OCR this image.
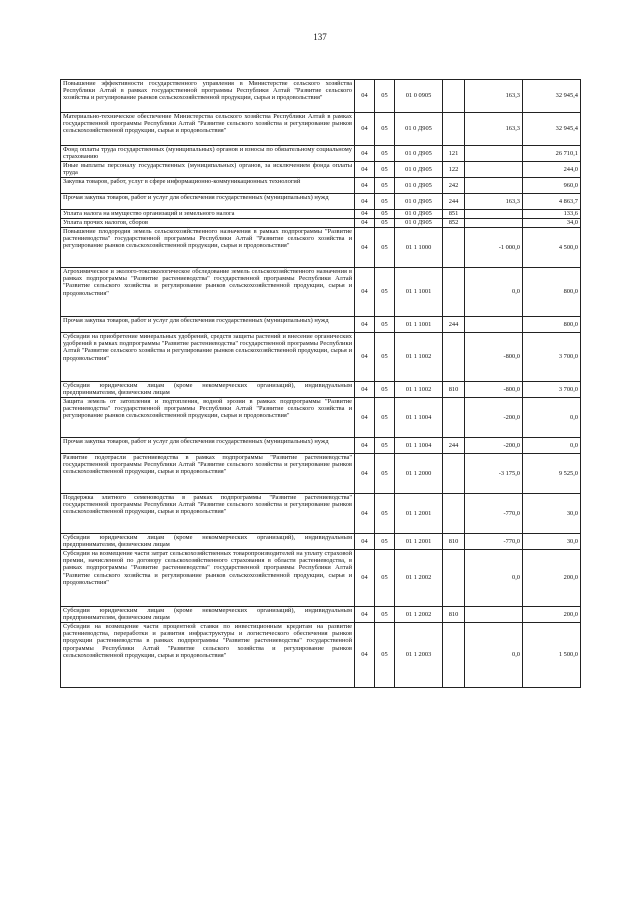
137
Повышение эффективности государственного управления в Министерстве сельского хозяйства Республики Алтай в рамках государственной программы Республики Алтай "Развитие сельского хозяйства и регулирование рынков сельскохозяйственной продукции, сырья и продовольствия"	04	05	01 0 0905		163,3	32 945,4
Материально-техническое обеспечение Министерства сельского хозяйства Республики Алтай в рамках государственной программы Республики Алтай "Развитие сельского хозяйства и регулирование рынков сельскохозяйственной продукции, сырья и продовольствия"	04	05	01 0 Д905		163,3	32 945,4
Фонд оплаты труда государственных (муниципальных) органов и взносы по обязательному социальному страхованию	04	05	01 0 Д905	121		26 710,1
Иные выплаты персоналу государственных (муниципальных) органов, за исключением фонда оплаты труда	04	05	01 0 Д905	122		244,0
Закупка товаров, работ, услуг в сфере информационно-коммуникационных технологий	04	05	01 0 Д905	242		960,0
Прочая закупка товаров, работ и услуг для обеспечения государственных (муниципальных) нужд	04	05	01 0 Д905	244	163,3	4 863,7
Уплата налога на имущество организаций и земельного налога	04	05	01 0 Д905	851		133,6
Уплата прочих налогов, сборов	04	05	01 0 Д905	852		34,0
Повышение плодородия земель сельскохозяйственного назначения в рамках подпрограммы "Развитие растениеводства" государственной программы Республики Алтай "Развитие сельского хозяйства и регулирование рынков сельскохозяйственной продукции, сырья и продовольствия"	04	05	01 1 1000		-1 000,0	4 500,0
Агрохимическое и эколого-токсикологическое обследование земель сельскохозяйственного назначения в рамках подпрограммы "Развитие растениеводства" государственной программы Республики Алтай "Развитие сельского хозяйства и регулирование рынков сельскохозяйственной продукции, сырья и продовольствия"	04	05	01 1 1001		0,0	800,0
Прочая закупка товаров, работ и услуг для обеспечения государственных (муниципальных) нужд	04	05	01 1 1001	244		800,0
Субсидии на приобретение минеральных удобрений, средств защиты растений и внесение органических удобрений в рамках подпрограммы "Развитие растениеводства" государственной программы Республики Алтай "Развитие сельского хозяйства и регулирование рынков сельскохозяйственной продукции, сырья и продовольствия"	04	05	01 1 1002		-800,0	3 700,0
Субсидии юридическим лицам (кроме некоммерческих организаций), индивидуальным предпринимателям, физическим лицам	04	05	01 1 1002	810	-800,0	3 700,0
Защита земель от затопления и подтопления, водной эрозии в рамках подпрограммы "Развитие растениеводства" государственной программы Республики Алтай "Развитие сельского хозяйства и регулирование рынков сельскохозяйственной продукции, сырья и продовольствия"	04	05	01 1 1004		-200,0	0,0
Прочая закупка товаров, работ и услуг для обеспечения государственных (муниципальных) нужд	04	05	01 1 1004	244	-200,0	0,0
Развитие подотрасли растениеводства в рамках подпрограммы "Развитие растениеводства" государственной программы Республики Алтай "Развитие сельского хозяйства и регулирование рынков сельскохозяйственной продукции, сырья и продовольствия"	04	05	01 1 2000		-3 175,0	9 525,0
Поддержка элитного семеноводства в рамках подпрограммы "Развитие растениеводства" государственной программы Республики Алтай "Развитие сельского хозяйства и регулирование рынков сельскохозяйственной продукции, сырья и продовольствия"	04	05	01 1 2001		-770,0	30,0
Субсидии юридическим лицам (кроме некоммерческих организаций), индивидуальным предпринимателям, физическим лицам	04	05	01 1 2001	810	-770,0	30,0
Субсидии на возмещение части затрат сельскохозяйственных товаропроизводителей на уплату страховой премии, начисленной по договору сельскохозяйственного страхования в области растениеводства, в рамках подпрограммы "Развитие растениеводства" государственной программы Республики Алтай "Развитие сельского хозяйства и регулирование рынков сельскохозяйственной продукции, сырья и продовольствия"	04	05	01 1 2002		0,0	200,0
Субсидии юридическим лицам (кроме некоммерческих организаций), индивидуальным предпринимателям, физическим лицам	04	05	01 1 2002	810		200,0
Субсидии на возмещение части процентной ставки по инвестиционным кредитам на развитие растениеводства, переработки и развития инфраструктуры и логистического обеспечения рынков продукции растениеводства в рамках подпрограммы "Развитие растениеводства" государственной программы Республики Алтай "Развитие сельского хозяйства и регулирование рынков сельскохозяйственной продукции, сырья и продовольствия"	04	05	01 1 2003		0,0	1 500,0
